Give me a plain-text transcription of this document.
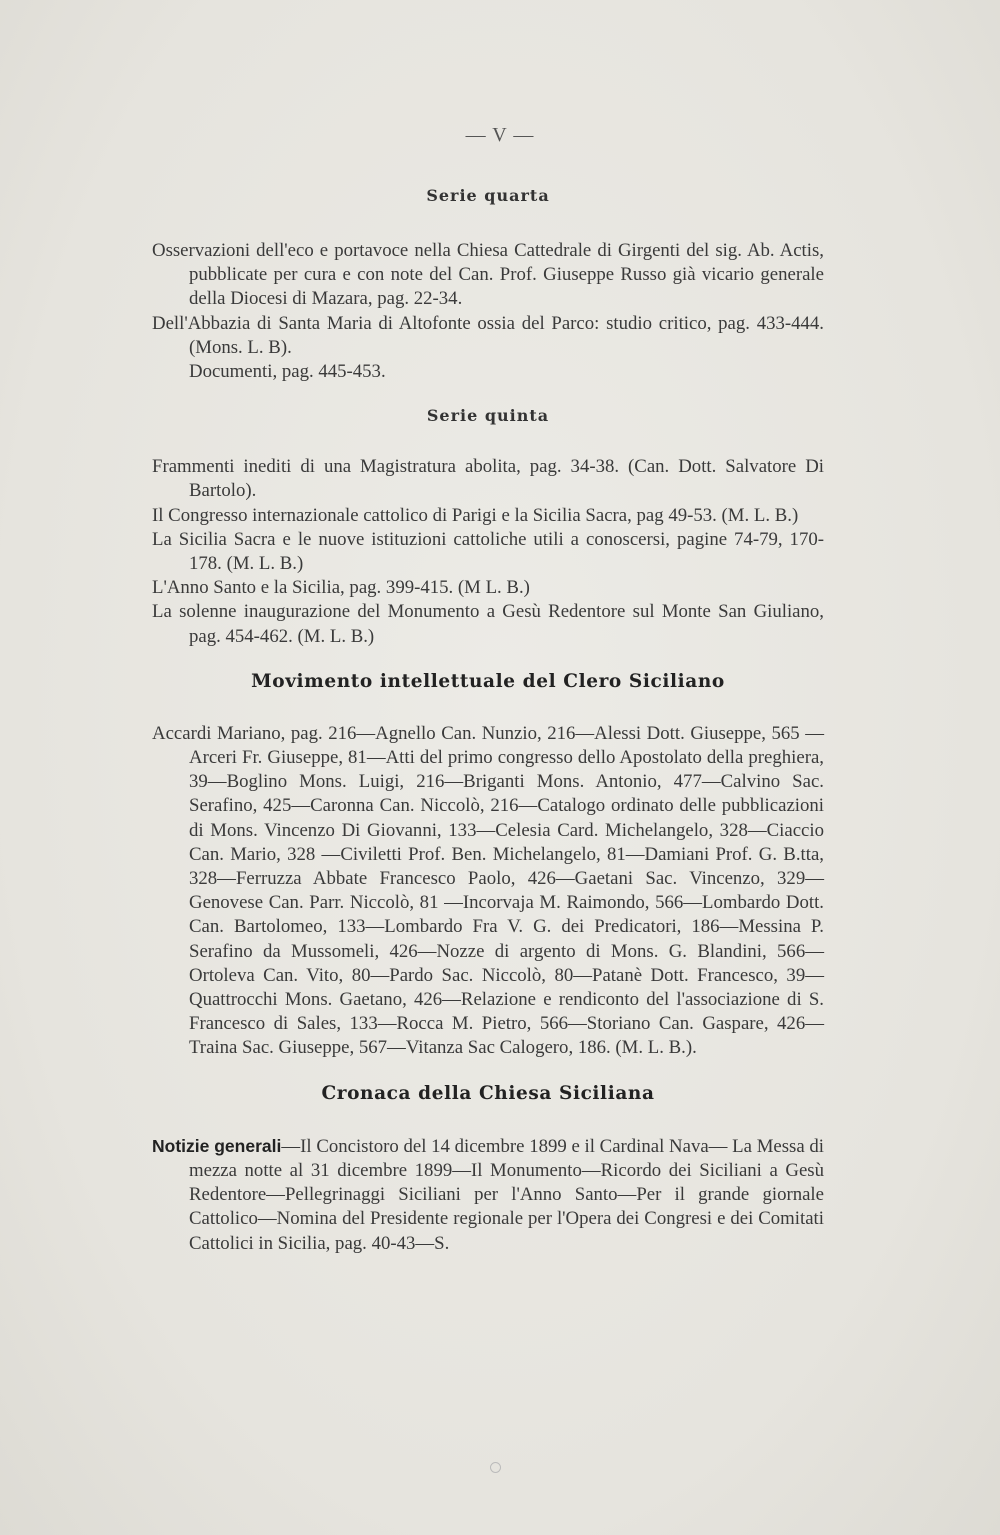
— V —
Serie quarta
Osservazioni dell'eco e portavoce nella Chiesa Cattedrale di Girgenti del sig. Ab. Actis, pubblicate per cura e con note del Can. Prof. Giuseppe Russo già vicario generale della Diocesi di Mazara, pag. 22-34.
Dell'Abbazia di Santa Maria di Altofonte ossia del Parco: studio critico, pag. 433-444. (Mons. L. B).
Documenti, pag. 445-453.
Serie quinta
Frammenti inediti di una Magistratura abolita, pag. 34-38. (Can. Dott. Salvatore Di Bartolo).
Il Congresso internazionale cattolico di Parigi e la Sicilia Sacra, pag 49-53. (M. L. B.)
La Sicilia Sacra e le nuove istituzioni cattoliche utili a conoscersi, pagine 74-79, 170-178. (M. L. B.)
L'Anno Santo e la Sicilia, pag. 399-415. (M L. B.)
La solenne inaugurazione del Monumento a Gesù Redentore sul Monte San Giuliano, pag. 454-462. (M. L. B.)
Movimento intellettuale del Clero Siciliano
Accardi Mariano, pag. 216—Agnello Can. Nunzio, 216—Alessi Dott. Giuseppe, 565 —Arceri Fr. Giuseppe, 81—Atti del primo congresso dello Apostolato della preghiera, 39—Boglino Mons. Luigi, 216—Briganti Mons. Antonio, 477—Calvino Sac. Serafino, 425—Caronna Can. Niccolò, 216—Catalogo ordinato delle pubblicazioni di Mons. Vincenzo Di Giovanni, 133—Celesia Card. Michelangelo, 328—Ciaccio Can. Mario, 328 —Civiletti Prof. Ben. Michelangelo, 81—Damiani Prof. G. B.tta, 328—Ferruzza Abbate Francesco Paolo, 426—Gaetani Sac. Vincenzo, 329—Genovese Can. Parr. Niccolò, 81 —Incorvaja M. Raimondo, 566—Lombardo Dott. Can. Bartolomeo, 133—Lombardo Fra V. G. dei Predicatori, 186—Messina P. Serafino da Mussomeli, 426—Nozze di argento di Mons. G. Blandini, 566—Ortoleva Can. Vito, 80—Pardo Sac. Niccolò, 80—Patanè Dott. Francesco, 39—Quattrocchi Mons. Gaetano, 426—Relazione e rendiconto del l'associazione di S. Francesco di Sales, 133—Rocca M. Pietro, 566—Storiano Can. Gaspare, 426—Traina Sac. Giuseppe, 567—Vitanza Sac Calogero, 186. (M. L. B.).
Cronaca della Chiesa Siciliana
Notizie generali—Il Concistoro del 14 dicembre 1899 e il Cardinal Nava— La Messa di mezza notte al 31 dicembre 1899—Il Monumento—Ricordo dei Siciliani a Gesù Redentore—Pellegrinaggi Siciliani per l'Anno Santo—Per il grande giornale Cattolico—Nomina del Presidente regionale per l'Opera dei Congresi e dei Comitati Cattolici in Sicilia, pag. 40-43—S.
